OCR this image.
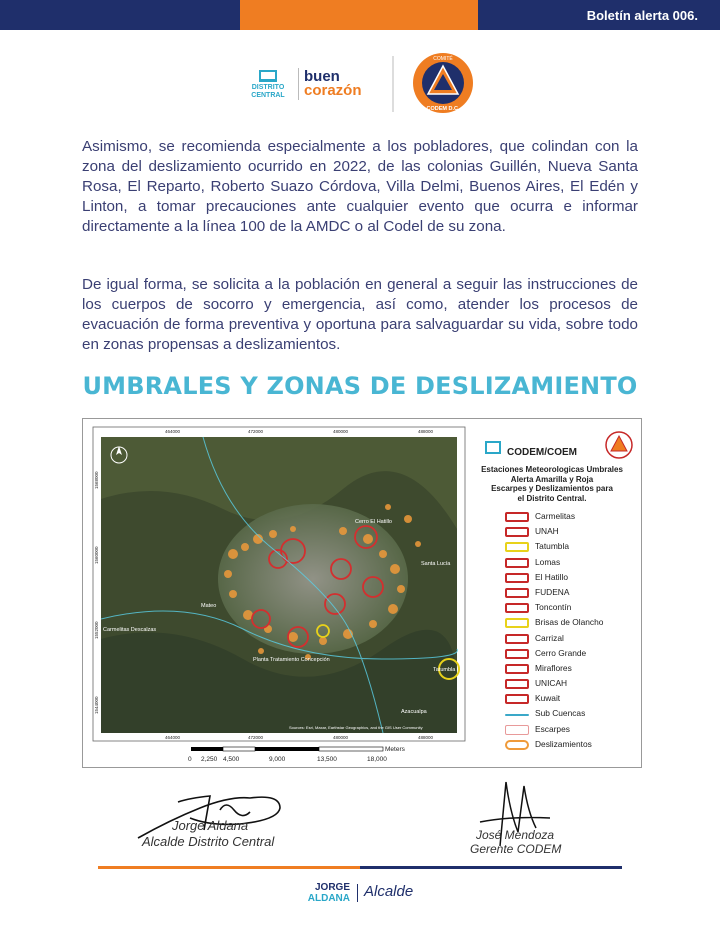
Boletín alerta 006.
DISTRITO CENTRAL
buen
corazón
COMITÉ
CODEM D.C.

Asimismo, se recomienda especialmente a los pobladores, que colindan con la zona del deslizamiento ocurrido en 2022, de las colonias Guillén, Nueva Santa Rosa, El Reparto, Roberto Suazo Córdova, Villa Delmi, Buenos Aires, El Edén y Linton, a tomar precauciones ante cualquier evento que ocurra e informar directamente a la línea 100 de la AMDC o al Codel de su zona.

De igual forma, se solicita a la población en general a seguir las instrucciones de los cuerpos de socorro y emergencia, así como, atender los procesos de evacuación de forma preventiva y oportuna para salvaguardar su vida, sobre todo en zonas propensas a deslizamientos.

UMBRALES Y ZONAS DE DESLIZAMIENTO
Cerro El Hatillo
Planta Tratamiento Concepción
Mateo
Carmelitas Descalzas
Santa Lucía
Tatumbla
Azacualpa
Sources: Esri, Maxar, Earthstar Geographics, and the GIS User Community
464000	472000	480000	488000
464000	472000	480000	488000
1568000
1560000
1552000
1544000
Meters
0 2,250 4,500	9,000	13,500	18,000
CODEM/COEM
Estaciones Meteorologicas Umbrales
Alerta Amarilla y Roja
Escarpes y Deslizamientos para
el Distrito Central.
Carmelitas
UNAH
Tatumbla
Lomas
El Hatillo
FUDENA
Toncontín
Brisas de Olancho
Carrizal
Cerro Grande
Miraflores
UNICAH
Kuwait
Sub Cuencas
Escarpes
Deslizamientos
Jorge Aldana
Alcalde Distrito Central	José Mendoza
Gerente CODEM
JORGE
ALDANA Alcalde
